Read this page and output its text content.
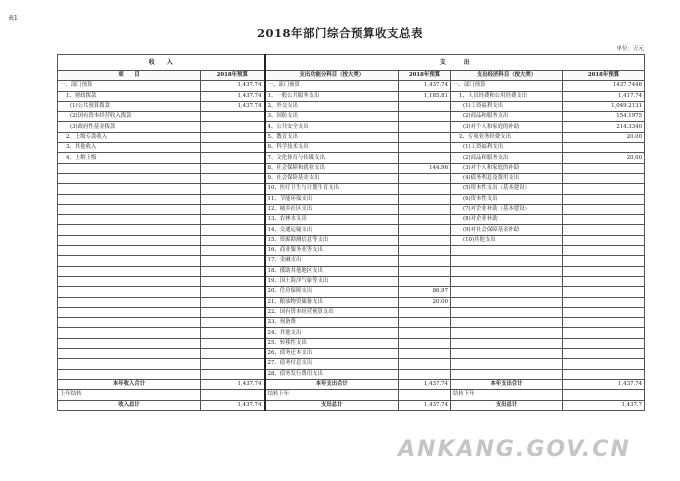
表1
2018年部门综合预算收支总表
单位：万元
收　　入		支　　　出			
项　　目	2018年预算	支出功能分科目（按大类）	2018年预算	支出经济科目（按大类）	2018年预算
一、部门预算	1,437.74	一、部门预算	1,437.74	一、部门预算	1437.7446
1、财政拨款	1,437.74	1、一般公共服务支出	1,185.81	1、人员经费和公用经费支出	1,417.74
(1)公共预算拨款	1,437.74	2、外交支出		(1)工资福利支出	1,049.2131
(2)国有资本经营收入拨款		3、国防支出		(2)商品和服务支出	154.1975
(3)政府性基金拨款		4、公共安全支出		(3)对个人和家庭的补助	214.3340
2、上级专款收入		5、教育支出		2、专项业务经费支出	20.00
3、其他收入		6、科学技术支出		(1)工资福利支出	
4、上解上级		7、文化体育与传媒支出		(2)商品和服务支出	20.00
		8、社会保障和就业支出	144.96	(3)对个人和家庭的补助	
		9、社会保险基金支出		(4)债务利息及费用支出	
		10、医疗卫生与计划生育支出		(5)资本性支出（基本建设）	
		11、节能环保支出		(6)资本性支出	
		12、城乡社区支出		(7)对企业补助（基本建设）	
		13、农林水支出		(8)对企业补助	
		14、交通运输支出		(9)对社会保障基金补助	
		15、资源勘测信息等支出		(10)其他支出	
		16、商业服务业等支出			
		17、金融支出			
		18、援助其他地区支出			
		19、国土海洋气象等支出			
		20、住房保障支出	86.97		
		21、粮油物资储备支出	20.00		
		22、国有资本经营预算支出			
		23、预备费			
		24、其他支出			
		25、转移性支出			
		26、债务还本支出			
		27、债务付息支出			
		28、债务发行费用支出			
本年收入合计	1,437.74	本年支出合计	1,437.74	本年支出合计	1,437.74
上年结转		结转下年		结转下年	
收入总计	1,437.74	支出总计	1,437.74	支出总计	1,437.7
ANKANG.GOV.CN
